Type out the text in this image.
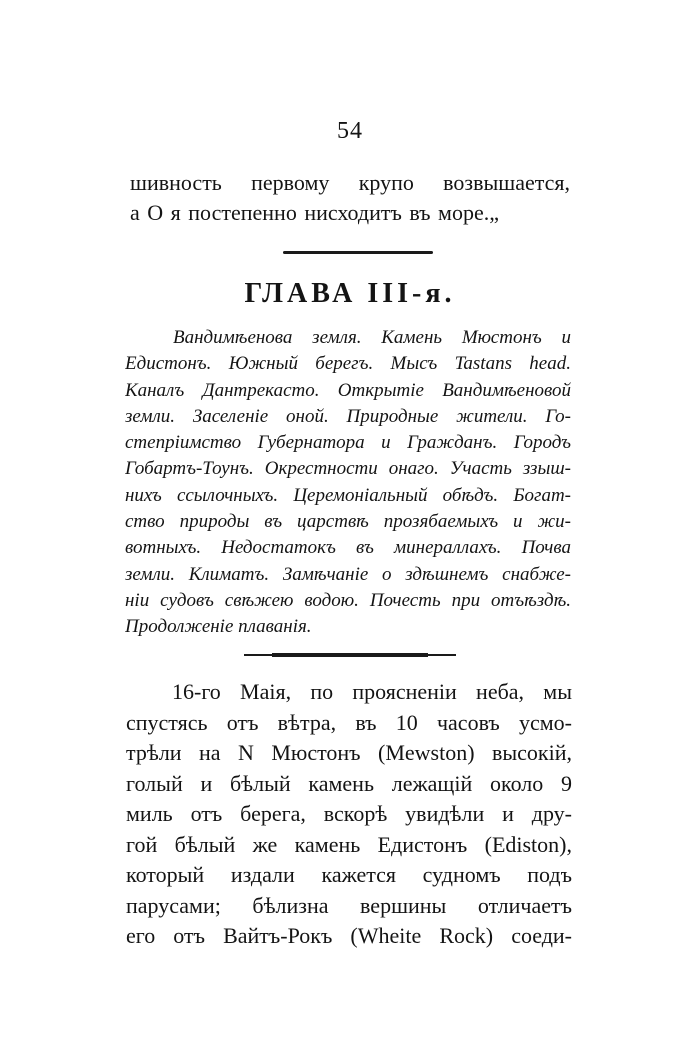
54
шивность первому крупо возвышается,
а О я постепенно нисходитъ въ море.„
ГЛАВА III-я.
Вандимѣенова земля. Камень Мюстонъ и
Едистонъ. Южный берегъ. Мысъ Tastans head.
Каналъ Дантрекасто. Открытіе Вандимѣеновой
земли. Заселеніе оной. Природные жители. Го-
степріимство Губернатора и Граждaнъ. Городъ
Гобартъ-Тоунъ. Окрестности онаго. Участь ззыш-
нихъ ссылочныхъ. Церемоніальный обѣдъ. Богат-
ство природы въ царствѣ прозябаемыхъ и жи-
вотныхъ. Недостатокъ въ минераллахъ. Почва
земли. Климатъ. Замѣчаніе о здѣшнемъ снабже-
ніи судовъ свѣжею водою. Почесть при отъѣздѣ.
Продолженіе плаванія.
16-го Маія, по проясненіи неба, мы
спустясь отъ вѣтра, въ 10 часовъ усмо-
трѣли на N Мюстонъ (Mewston) высокій,
голый и бѣлый камень лежащій около 9
миль отъ берега, вскорѣ увидѣли и дру-
гой бѣлый же камень Едистонъ (Ediston),
который издали кажется судномъ подъ
парусами; бѣлизна вершины отличаетъ
его отъ Вайтъ-Рокъ (Wheite Rock) соеди-
